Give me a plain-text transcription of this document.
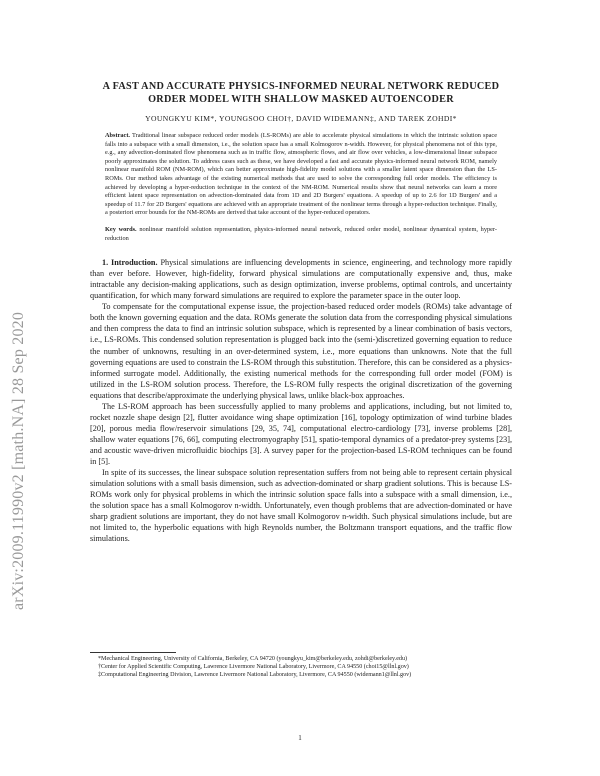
arXiv:2009.11990v2 [math.NA] 28 Sep 2020
A FAST AND ACCURATE PHYSICS-INFORMED NEURAL NETWORK REDUCED
ORDER MODEL WITH SHALLOW MASKED AUTOENCODER
YOUNGKYU KIM*, YOUNGSOO CHOI†, DAVID WIDEMANN‡, AND TAREK ZOHDI*

Abstract. Traditional linear subspace reduced order models (LS-ROMs) are able to accelerate physical simulations in which the intrinsic solution space falls into a subspace with a small dimension, i.e., the solution space has a small Kolmogorov n-width. However, for physical phenomena not of this type, e.g., any advection-dominated flow phenomena such as in traffic flow, atmospheric flows, and air flow over vehicles, a low-dimensional linear subspace poorly approximates the solution. To address cases such as these, we have developed a fast and accurate physics-informed neural network ROM, namely nonlinear manifold ROM (NM-ROM), which can better approximate high-fidelity model solutions with a smaller latent space dimension than the LS-ROMs. Our method takes advantage of the existing numerical methods that are used to solve the corresponding full order models. The efficiency is achieved by developing a hyper-reduction technique in the context of the NM-ROM. Numerical results show that neural networks can learn a more efficient latent space representation on advection-dominated data from 1D and 2D Burgers' equations. A speedup of up to 2.6 for 1D Burgers' and a speedup of 11.7 for 2D Burgers' equations are achieved with an appropriate treatment of the nonlinear terms through a hyper-reduction technique. Finally, a posteriori error bounds for the NM-ROMs are derived that take account of the hyper-reduced operators.

Key words. nonlinear manifold solution representation, physics-informed neural network, reduced order model, nonlinear dynamical system, hyper-reduction

1. Introduction. Physical simulations are influencing developments in science, engineering, and technology more rapidly than ever before. However, high-fidelity, forward physical simulations are computationally expensive and, thus, make intractable any decision-making applications, such as design optimization, inverse problems, optimal controls, and uncertainty quantification, for which many forward simulations are required to explore the parameter space in the outer loop.

To compensate for the computational expense issue, the projection-based reduced order models (ROMs) take advantage of both the known governing equation and the data. ROMs generate the solution data from the corresponding physical simulations and then compress the data to find an intrinsic solution subspace, which is represented by a linear combination of basis vectors, i.e., LS-ROMs. This condensed solution representation is plugged back into the (semi-)discretized governing equation to reduce the number of unknowns, resulting in an over-determined system, i.e., more equations than unknowns. Note that the full governing equations are used to constrain the LS-ROM through this substitution. Therefore, this can be considered as a physics-informed surrogate model. Additionally, the existing numerical methods for the corresponding full order model (FOM) is utilized in the LS-ROM solution process. Therefore, the LS-ROM fully respects the original discretization of the governing equations that describe/approximate the underlying physical laws, unlike black-box approaches.

The LS-ROM approach has been successfully applied to many problems and applications, including, but not limited to, rocket nozzle shape design [2], flutter avoidance wing shape optimization [16], topology optimization of wind turbine blades [20], porous media flow/reservoir simulations [29, 35, 74], computational electro-cardiology [73], inverse problems [28], shallow water equations [76, 66], computing electromyography [51], spatio-temporal dynamics of a predator-prey systems [23], and acoustic wave-driven microfluidic biochips [3]. A survey paper for the projection-based LS-ROM techniques can be found in [5].

In spite of its successes, the linear subspace solution representation suffers from not being able to represent certain physical simulation solutions with a small basis dimension, such as advection-dominated or sharp gradient solutions. This is because LS-ROMs work only for physical problems in which the intrinsic solution space falls into a subspace with a small dimension, i.e., the solution space has a small Kolmogorov n-width. Unfortunately, even though problems that are advection-dominated or have sharp gradient solutions are important, they do not have small Kolmogorov n-width. Such physical simulations include, but are not limited to, the hyperbolic equations with high Reynolds number, the Boltzmann transport equations, and the traffic flow simulations.

*Mechanical Engineering, University of California, Berkeley, CA 94720 (youngkyu_kim@berkeley.edu, zohdi@berkeley.edu)
†Center for Applied Scientific Computing, Lawrence Livermore National Laboratory, Livermore, CA 94550 (choi15@llnl.gov)
‡Computational Engineering Division, Lawrence Livermore National Laboratory, Livermore, CA 94550 (widemann1@llnl.gov)
1
